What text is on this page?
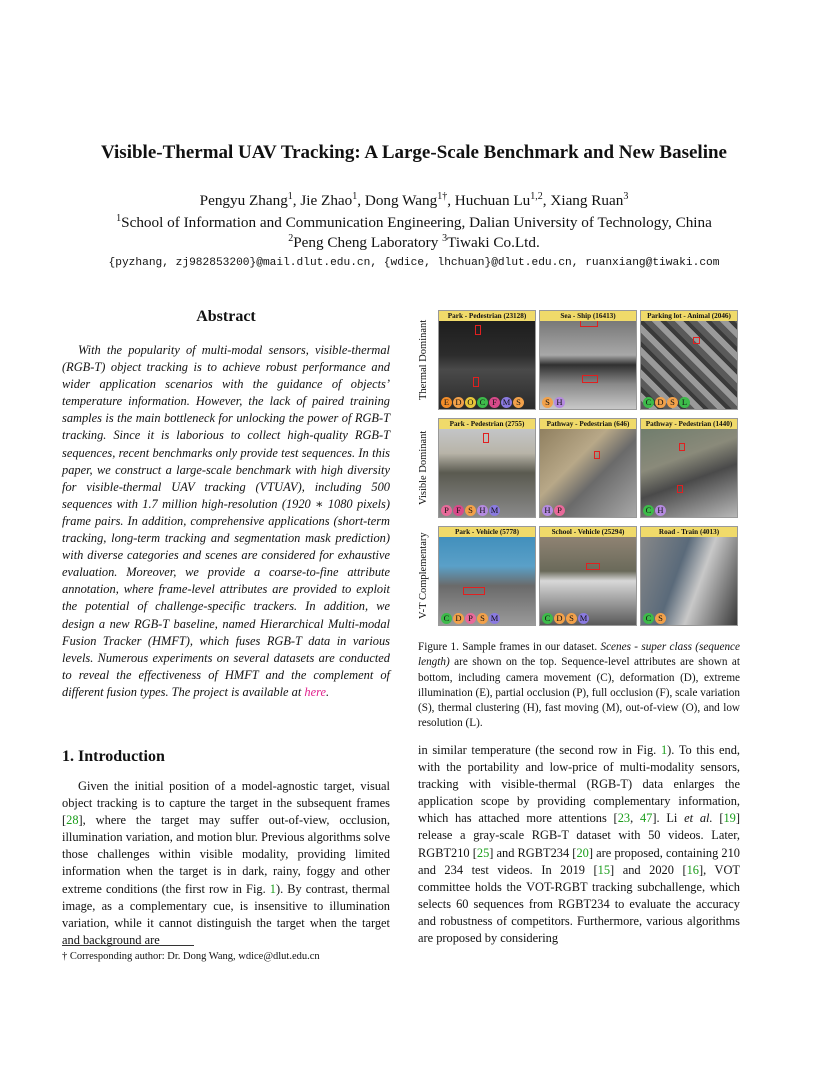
Visible-Thermal UAV Tracking: A Large-Scale Benchmark and New Baseline
Pengyu Zhang$^1$, Jie Zhao$^1$, Dong Wang$^{1\dagger}$, Huchuan Lu$^{1,2}$, Xiang Ruan$^3$
$^1$School of Information and Communication Engineering, Dalian University of Technology, China
$^2$Peng Cheng Laboratory $^3$Tiwaki Co.Ltd.
{pyzhang, zj982853200}@mail.dlut.edu.cn, {wdice, lhchuan}@dlut.edu.cn, ruanxiang@tiwaki.com
Abstract
With the popularity of multi-modal sensors, visible-thermal (RGB-T) object tracking is to achieve robust performance and wider application scenarios with the guidance of objects’ temperature information. However, the lack of paired training samples is the main bottleneck for unlocking the power of RGB-T tracking. Since it is laborious to collect high-quality RGB-T sequences, recent benchmarks only provide test sequences. In this paper, we construct a large-scale benchmark with high diversity for visible-thermal UAV tracking (VTUAV), including 500 sequences with 1.7 million high-resolution (1920 ∗ 1080 pixels) frame pairs. In addition, comprehensive applications (short-term tracking, long-term tracking and segmentation mask prediction) with diverse categories and scenes are considered for exhaustive evaluation. Moreover, we provide a coarse-to-fine attribute annotation, where frame-level attributes are provided to exploit the potential of challenge-specific trackers. In addition, we design a new RGB-T baseline, named Hierarchical Multi-modal Fusion Tracker (HMFT), which fuses RGB-T data in various levels. Numerous experiments on several datasets are conducted to reveal the effectiveness of HMFT and the complement of different fusion types. The project is available at here.
1. Introduction
Given the initial position of a model-agnostic target, visual object tracking is to capture the target in the subsequent frames [28], where the target may suffer out-of-view, occlusion, illumination variation, and motion blur. Previous algorithms solve those challenges within visible modality, providing limited information when the target is in dark, rainy, foggy and other extreme conditions (the first row in Fig. 1). By contrast, thermal image, as a complementary cue, is insensitive to illumination variation, while it cannot distinguish the target when the target and background are
in similar temperature (the second row in Fig. 1). To this end, with the portability and low-price of multi-modality sensors, tracking with visible-thermal (RGB-T) data enlarges the application scope by providing complementary information, which has attached more attentions [23, 47]. Li et al. [19] release a gray-scale RGB-T dataset with 50 videos. Later, RGBT210 [25] and RGBT234 [20] are proposed, containing 210 and 234 test videos. In 2019 [15] and 2020 [16], VOT committee holds the VOT-RGBT tracking subchallenge, which selects 60 sequences from RGBT234 to evaluate the accuracy and robustness of competitors. Furthermore, various algorithms are proposed by considering
† Corresponding author: Dr. Dong Wang, wdice@dlut.edu.cn
Thermal Dominant
Visible Dominant
V-T Complementary
Park - Pedestrian (23128)
E D O C F M S
Sea - Ship (16413)
S H
Parking lot - Animal (2046)
C D S L
Park - Pedestrian (2755)
P F S H M
Pathway - Pedestrian (646)
H P
Pathway - Pedestrian (1440)
C H
Park - Vehicle (5778)
C D P S M
School - Vehicle (25294)
C D S M
Road - Train (4013)
C S
Figure 1. Sample frames in our dataset. Scenes - super class (sequence length) are shown on the top. Sequence-level attributes are shown at bottom, including camera movement (C), deformation (D), extreme illumination (E), partial occlusion (P), full occlusion (F), scale variation (S), thermal clustering (H), fast moving (M), out-of-view (O), and low resolution (L).
